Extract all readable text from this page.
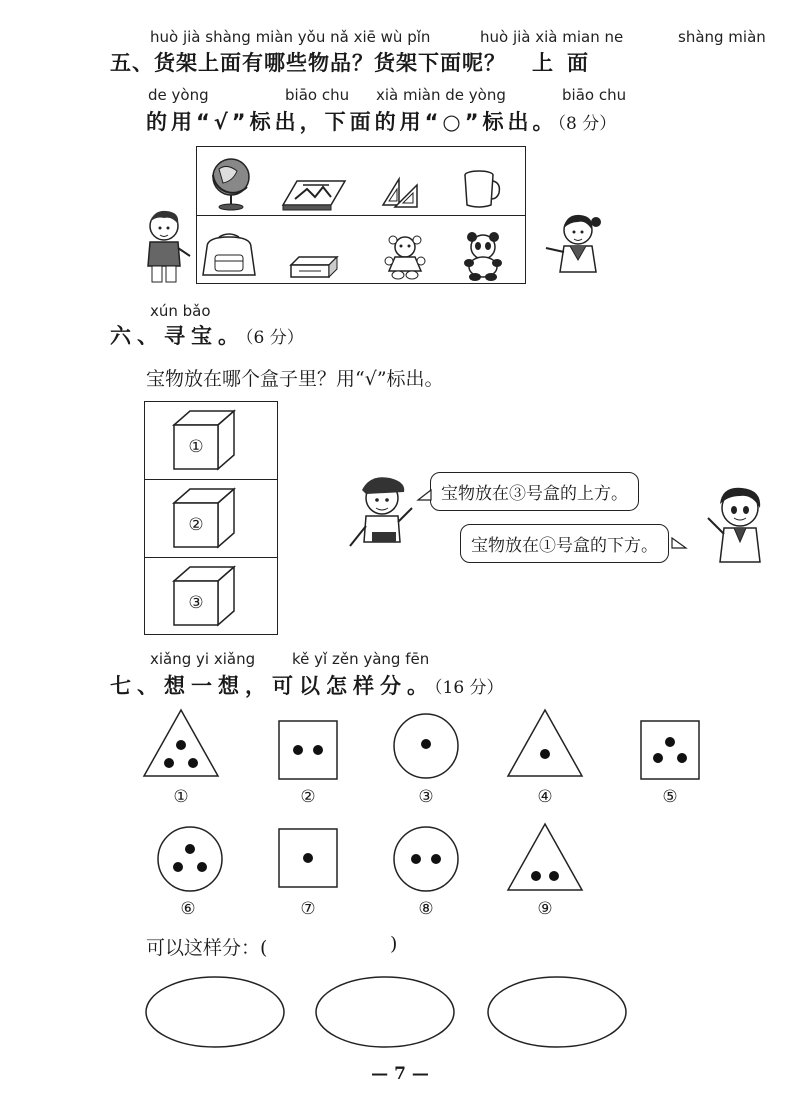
huò jià shàng miàn yǒu nǎ xiē wù pǐn	huò jià xià mian ne	shàng miàn
五、货架上面有哪些物品？货架下面呢？ 上面
de yòng	biāo chu xià miàn de yòng	biāo chu
的用“√”标出，下面的用“○”标出。（8 分）
xún bǎo
六、寻宝。（6 分）
宝物放在哪个盒子里？用“√”标出。
①
②
③
宝物放在③号盒的上方。
宝物放在①号盒的下方。
xiǎng yi xiǎng kě yǐ zěn yàng fēn
七、想一想，可以怎样分。（16 分）
①	②	③	④	⑤
⑥	⑦	⑧	⑨
可以这样分：(	)
— 7 —
